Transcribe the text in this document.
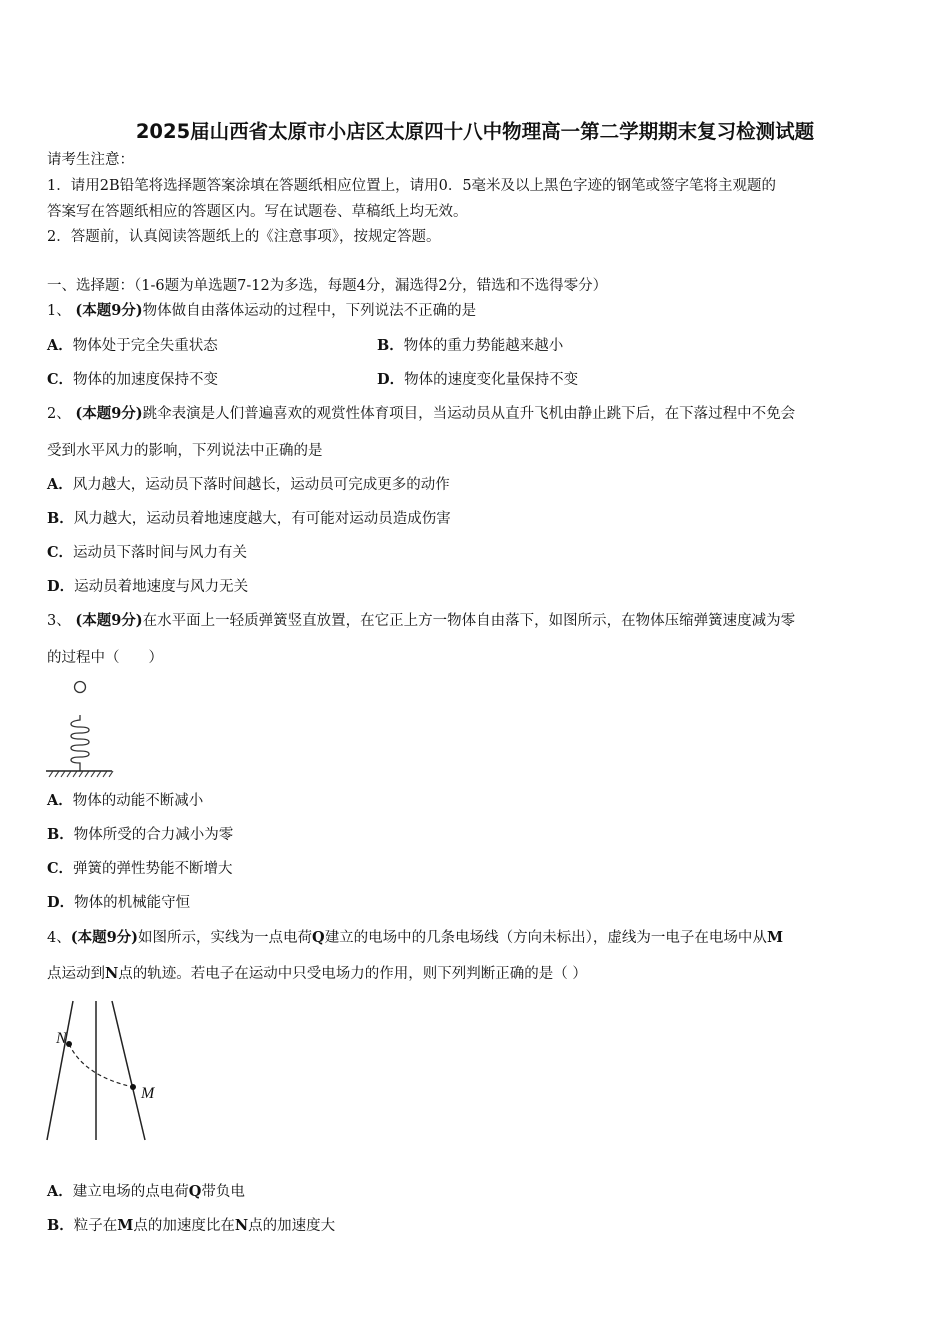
2025届山西省太原市小店区太原四十八中物理高一第二学期期末复习检测试题
请考生注意：
1．请用2B铅笔将选择题答案涂填在答题纸相应位置上，请用0．5毫米及以上黑色字迹的钢笔或签字笔将主观题的
答案写在答题纸相应的答题区内。写在试题卷、草稿纸上均无效。
2．答题前，认真阅读答题纸上的《注意事项》，按规定答题。
一、选择题：（1-6题为单选题7-12为多选，每题4分，漏选得2分，错选和不选得零分）
1、 (本题9分)物体做自由落体运动的过程中，下列说法不正确的是
A．物体处于完全失重状态	B．物体的重力势能越来越小
C．物体的加速度保持不变	D．物体的速度变化量保持不变
2、 (本题9分)跳伞表演是人们普遍喜欢的观赏性体育项目，当运动员从直升飞机由静止跳下后，在下落过程中不免会
受到水平风力的影响，下列说法中正确的是
A．风力越大，运动员下落时间越长，运动员可完成更多的动作
B．风力越大，运动员着地速度越大，有可能对运动员造成伤害
C．运动员下落时间与风力有关
D．运动员着地速度与风力无关
3、 (本题9分)在水平面上一轻质弹簧竖直放置，在它正上方一物体自由落下，如图所示，在物体压缩弹簧速度减为零
的过程中（　　）
A．物体的动能不断减小
B．物体所受的合力减小为零
C．弹簧的弹性势能不断增大
D．物体的机械能守恒
4、(本题9分)如图所示，实线为一点电荷Q建立的电场中的几条电场线（方向未标出），虚线为一电子在电场中从M
点运动到N点的轨迹。若电子在运动中只受电场力的作用，则下列判断正确的是（ ）
N
M
A．建立电场的点电荷Q带负电
B．粒子在M点的加速度比在N点的加速度大
